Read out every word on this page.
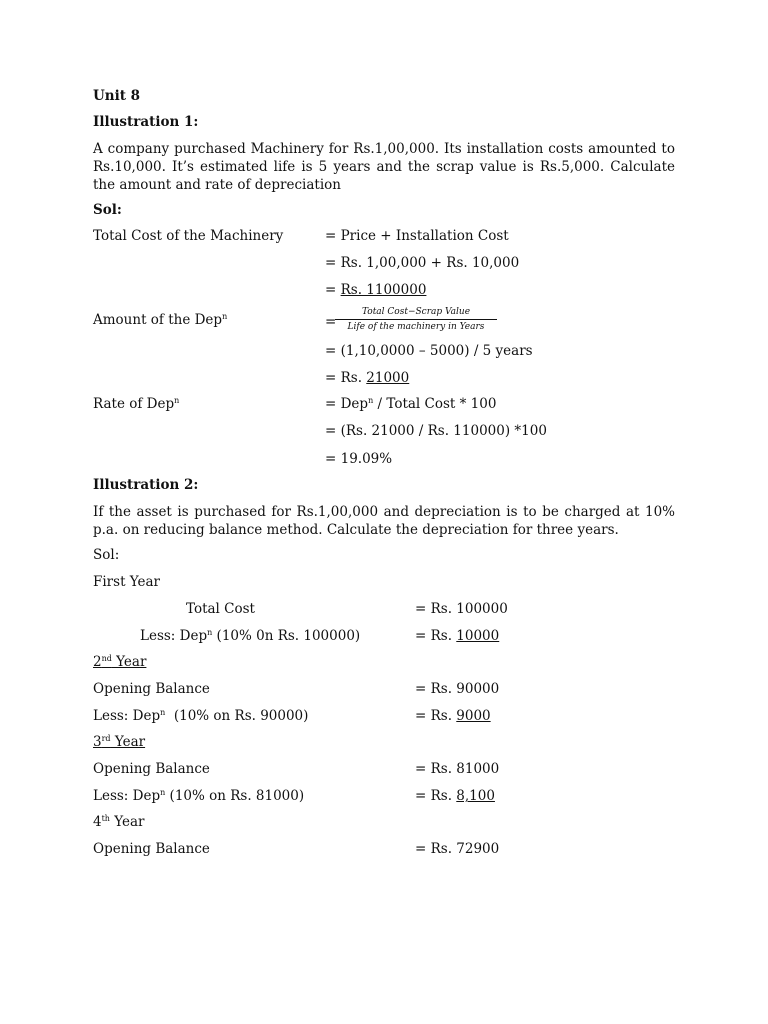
Unit 8
Illustration 1:
A company purchased Machinery for Rs.1,00,000. Its installation costs amounted to Rs.10,000. It’s estimated life is 5 years and the scrap value is Rs.5,000. Calculate the amount and rate of depreciation
Sol:
Total Cost of the Machinery	= Price + Installation Cost
= Rs. 1,00,000 + Rs. 10,000
= Rs. 1100000
Amount of the Dep$^n$	=
Total Cost−Scrap Value
Life of the machinery in Years
= (1,10,0000 – 5000) / 5 years
= Rs. 21000
Rate of Dep$^n$	= Dep$^n$ / Total Cost * 100
= (Rs. 21000 / Rs. 110000) *100
= 19.09%
Illustration 2:
If the asset is purchased for Rs.1,00,000 and depreciation is to be charged at 10% p.a. on reducing balance method. Calculate the depreciation for three years.
Sol:
First Year
Total Cost	= Rs. 100000
Less: Dep$^n$ (10% 0n Rs. 100000)	= Rs. 10000
2nd Year
Opening Balance	= Rs. 90000
Less: Dep$^n$  (10% on Rs. 90000)	= Rs. 9000
3rd Year
Opening Balance	= Rs. 81000
Less: Dep$^n$ (10% on Rs. 81000)	= Rs. 8,100
4th Year
Opening Balance	= Rs. 72900
